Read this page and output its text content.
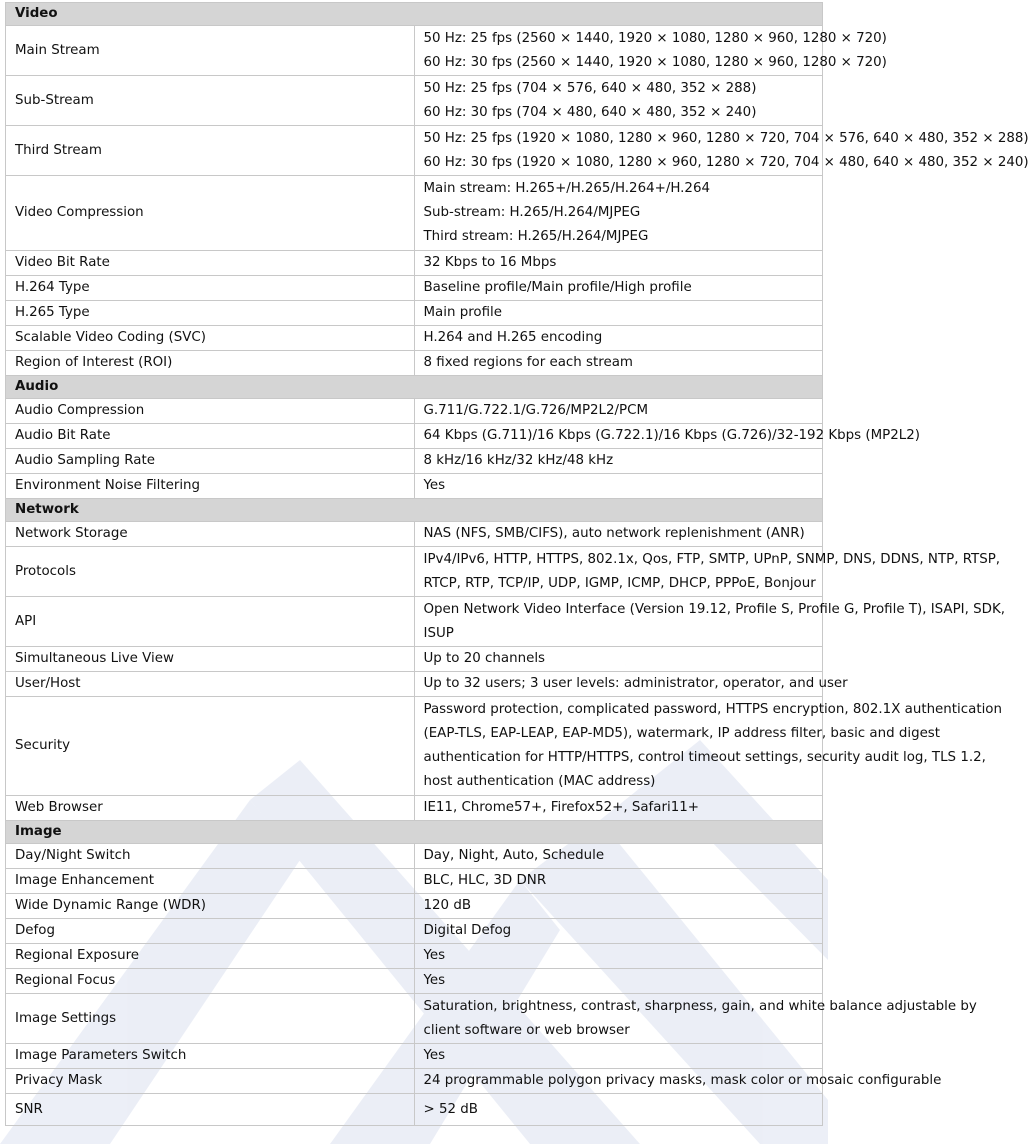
Video	
Main Stream	50 Hz: 25 fps (2560 × 1440, 1920 × 1080, 1280 × 960, 1280 × 720)
60 Hz: 30 fps (2560 × 1440, 1920 × 1080, 1280 × 960, 1280 × 720)

Sub-Stream	50 Hz: 25 fps (704 × 576, 640 × 480, 352 × 288)
60 Hz: 30 fps (704 × 480, 640 × 480, 352 × 240)

Third Stream	50 Hz: 25 fps (1920 × 1080, 1280 × 960, 1280 × 720, 704 × 576, 640 × 480, 352 × 288)
60 Hz: 30 fps (1920 × 1080, 1280 × 960, 1280 × 720, 704 × 480, 640 × 480, 352 × 240)

Video Compression	Main stream: H.265+/H.265/H.264+/H.264
Sub-stream: H.265/H.264/MJPEG
Third stream: H.265/H.264/MJPEG

Video Bit Rate	32 Kbps to 16 Mbps

H.264 Type	Baseline profile/Main profile/High profile

H.265 Type	Main profile

Scalable Video Coding (SVC)	H.264 and H.265 encoding

Region of Interest (ROI)	8 fixed regions for each stream

Audio	
Audio Compression	G.711/G.722.1/G.726/MP2L2/PCM

Audio Bit Rate	64 Kbps (G.711)/16 Kbps (G.722.1)/16 Kbps (G.726)/32-192 Kbps (MP2L2)

Audio Sampling Rate	8 kHz/16 kHz/32 kHz/48 kHz

Environment Noise Filtering	Yes

Network	
Network Storage	NAS (NFS, SMB/CIFS), auto network replenishment (ANR)

Protocols	IPv4/IPv6, HTTP, HTTPS, 802.1x, Qos, FTP, SMTP, UPnP, SNMP, DNS, DDNS, NTP, RTSP,
RTCP, RTP, TCP/IP, UDP, IGMP, ICMP, DHCP, PPPoE, Bonjour

API	Open Network Video Interface (Version 19.12, Profile S, Profile G, Profile T), ISAPI, SDK,
ISUP

Simultaneous Live View	Up to 20 channels

User/Host	Up to 32 users; 3 user levels: administrator, operator, and user

Security	Password protection, complicated password, HTTPS encryption, 802.1X authentication
(EAP-TLS, EAP-LEAP, EAP-MD5), watermark, IP address filter, basic and digest
authentication for HTTP/HTTPS, control timeout settings, security audit log, TLS 1.2,
host authentication (MAC address)

Web Browser	IE11, Chrome57+, Firefox52+, Safari11+

Image	
Day/Night Switch	Day, Night, Auto, Schedule

Image Enhancement	BLC, HLC, 3D DNR

Wide Dynamic Range (WDR)	120 dB

Defog	Digital Defog

Regional Exposure	Yes

Regional Focus	Yes

Image Settings	Saturation, brightness, contrast, sharpness, gain, and white balance adjustable by
client software or web browser

Image Parameters Switch	Yes

Privacy Mask	24 programmable polygon privacy masks, mask color or mosaic configurable

SNR	> 52 dB
